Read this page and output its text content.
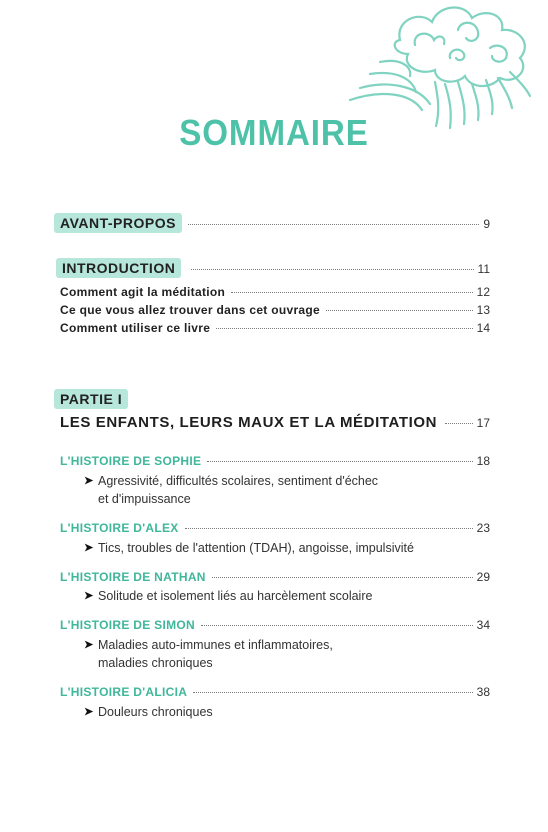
SOMMAIRE
AVANT-PROPOS	9
INTRODUCTION	11
Comment agit la méditation	12
Ce que vous allez trouver dans cet ouvrage	13
Comment utiliser ce livre	14
PARTIE I
LES ENFANTS, LEURS MAUX ET LA MÉDITATION	17
L'HISTOIRE DE SOPHIE	18
➤ Agressivité, difficultés scolaires, sentiment d'échec
et d'impuissance
L'HISTOIRE D'ALEX	23
➤ Tics, troubles de l'attention (TDAH), angoisse, impulsivité
L'HISTOIRE DE NATHAN	29
➤ Solitude et isolement liés au harcèlement scolaire
L'HISTOIRE DE SIMON	34
➤ Maladies auto-immunes et inflammatoires,
maladies chroniques
L'HISTOIRE D'ALICIA	38
➤ Douleurs chroniques
